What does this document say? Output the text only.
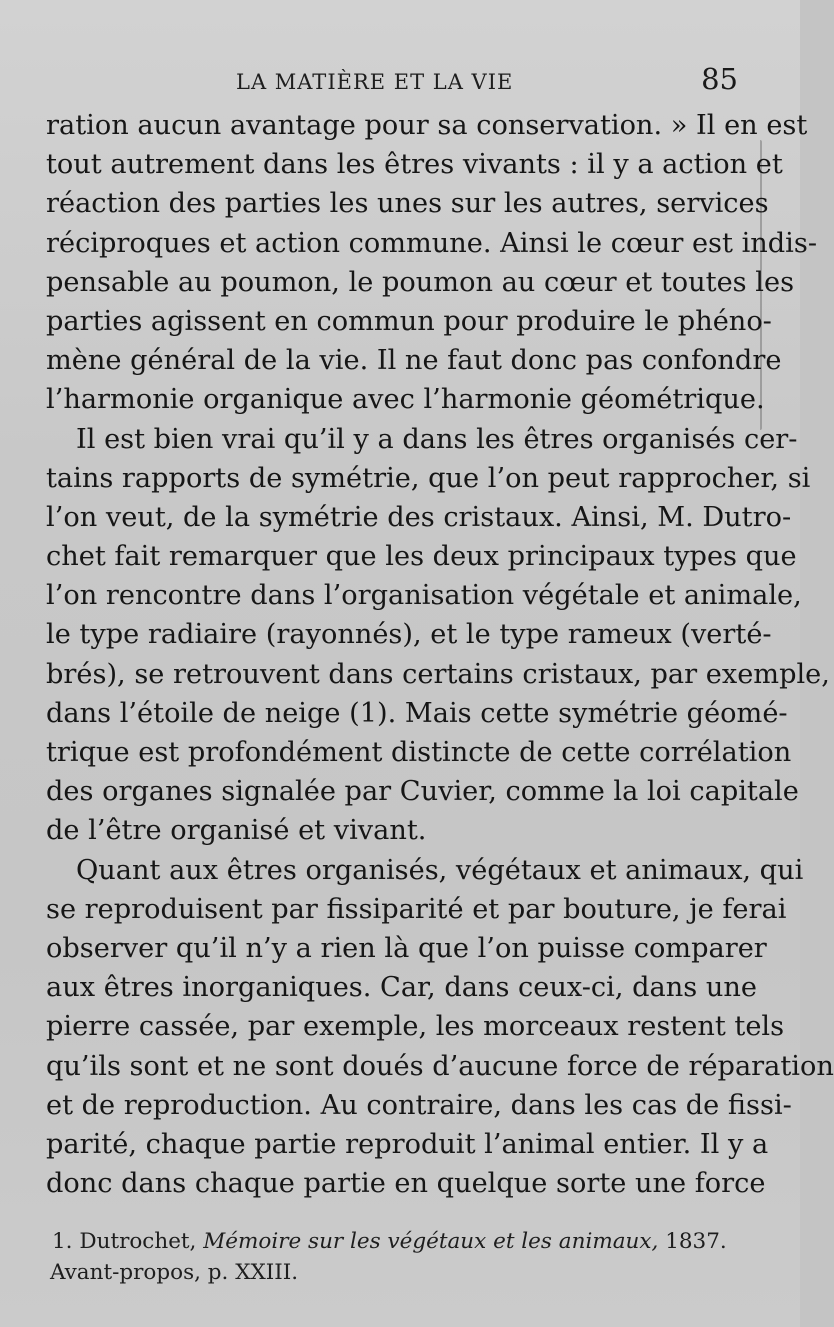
LA MATIÈRE ET LA VIE	85
ration aucun avantage pour sa conservation. » Il en est
tout autrement dans les êtres vivants : il y a action et
réaction des parties les unes sur les autres, services
réciproques et action commune. Ainsi le cœur est indis-
pensable au poumon, le poumon au cœur et toutes les
parties agissent en commun pour produire le phéno-
mène général de la vie. Il ne faut donc pas confondre
l’harmonie organique avec l’harmonie géométrique.
Il est bien vrai qu’il y a dans les êtres organisés cer-
tains rapports de symétrie, que l’on peut rapprocher, si
l’on veut, de la symétrie des cristaux. Ainsi, M. Dutro-
chet fait remarquer que les deux principaux types que
l’on rencontre dans l’organisation végétale et animale,
le type radiaire (rayonnés), et le type rameux (verté-
brés), se retrouvent dans certains cristaux, par exemple,
dans l’étoile de neige (1). Mais cette symétrie géomé-
trique est profondément distincte de cette corrélation
des organes signalée par Cuvier, comme la loi capitale
de l’être organisé et vivant.
Quant aux êtres organisés, végétaux et animaux, qui
se reproduisent par fissiparité et par bouture, je ferai
observer qu’il n’y a rien là que l’on puisse comparer
aux êtres inorganiques. Car, dans ceux-ci, dans une
pierre cassée, par exemple, les morceaux restent tels
qu’ils sont et ne sont doués d’aucune force de réparation
et de reproduction. Au contraire, dans les cas de fissi-
parité, chaque partie reproduit l’animal entier. Il y a
donc dans chaque partie en quelque sorte une force
1. Dutrochet, Mémoire sur les végétaux et les animaux, 1837.
Avant-propos, p. XXIII.
